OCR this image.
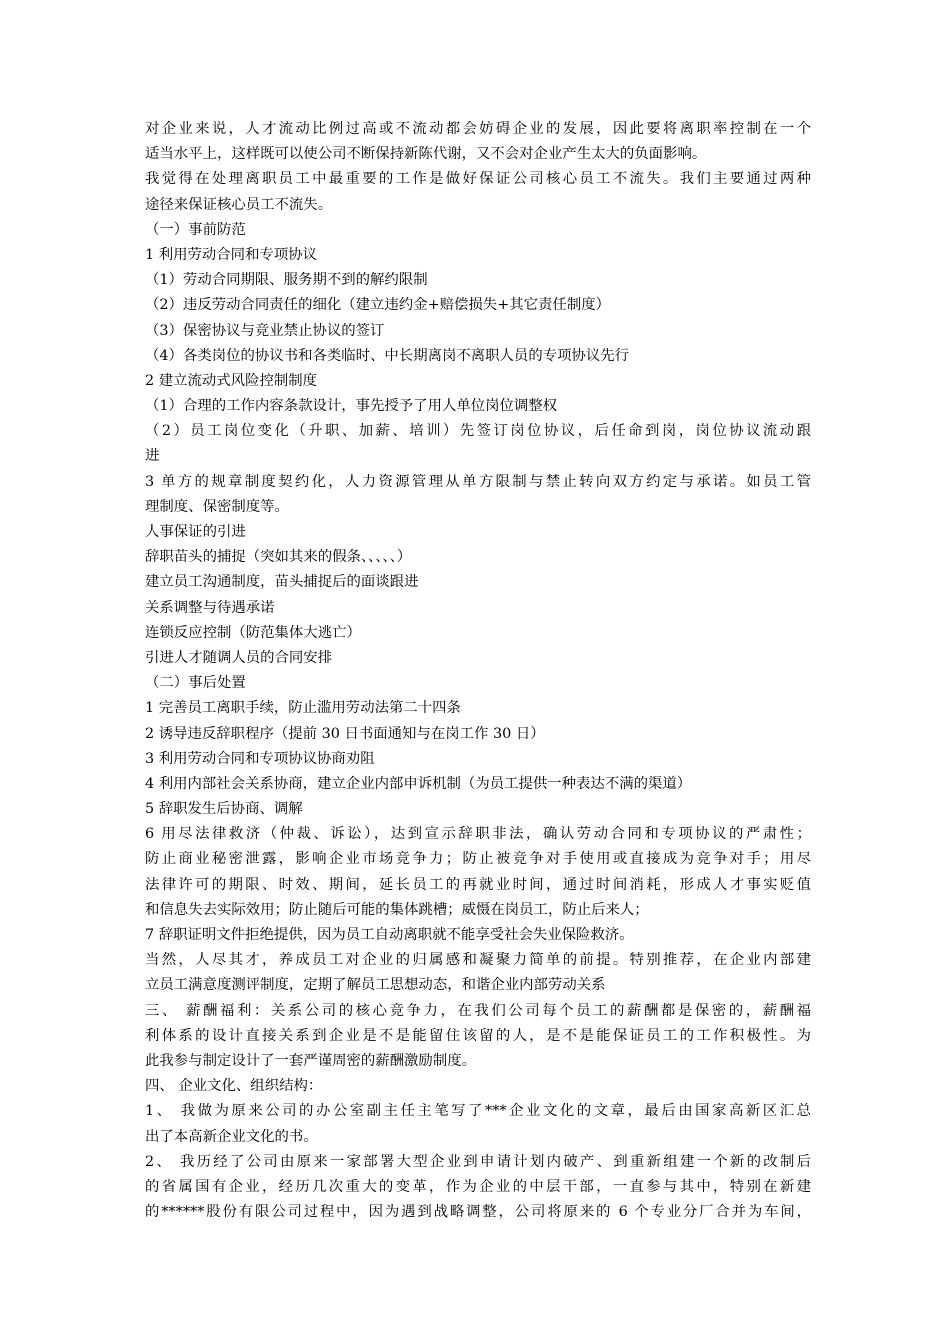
对企业来说，人才流动比例过高或不流动都会妨碍企业的发展，因此要将离职率控制在一个
适当水平上，这样既可以使公司不断保持新陈代谢，又不会对企业产生太大的负面影响。
我觉得在处理离职员工中最重要的工作是做好保证公司核心员工不流失。我们主要通过两种
途径来保证核心员工不流失。
（一）事前防范
1 利用劳动合同和专项协议
（1）劳动合同期限、服务期不到的解约限制
（2）违反劳动合同责任的细化（建立违约金+赔偿损失+其它责任制度）
（3）保密协议与竞业禁止协议的签订
（4）各类岗位的协议书和各类临时、中长期离岗不离职人员的专项协议先行
2 建立流动式风险控制制度
（1）合理的工作内容条款设计，事先授予了用人单位岗位调整权
（2）员工岗位变化（升职、加薪、培训）先签订岗位协议，后任命到岗，岗位协议流动跟
进
3 单方的规章制度契约化，人力资源管理从单方限制与禁止转向双方约定与承诺。如员工管
理制度、保密制度等。
人事保证的引进
辞职苗头的捕捉（突如其来的假条、、、、、）
建立员工沟通制度，苗头捕捉后的面谈跟进
关系调整与待遇承诺
连锁反应控制（防范集体大逃亡）
引进人才随调人员的合同安排
（二）事后处置
1 完善员工离职手续，防止滥用劳动法第二十四条
2 诱导违反辞职程序（提前 30 日书面通知与在岗工作 30 日）
3 利用劳动合同和专项协议协商劝阻
4 利用内部社会关系协商，建立企业内部申诉机制（为员工提供一种表达不满的渠道）
5 辞职发生后协商、调解
6 用尽法律救济（仲裁、诉讼），达到宣示辞职非法，确认劳动合同和专项协议的严肃性；
防止商业秘密泄露，影响企业市场竞争力；防止被竞争对手使用或直接成为竞争对手；用尽
法律许可的期限、时效、期间，延长员工的再就业时间，通过时间消耗，形成人才事实贬值
和信息失去实际效用；防止随后可能的集体跳槽；威慑在岗员工，防止后来人；
7 辞职证明文件拒绝提供，因为员工自动离职就不能享受社会失业保险救济。
当然，人尽其才，养成员工对企业的归属感和凝聚力简单的前提。特别推荐，在企业内部建
立员工满意度测评制度，定期了解员工思想动态，和谐企业内部劳动关系
三、 薪酬福利：关系公司的核心竞争力，在我们公司每个员工的薪酬都是保密的，薪酬福
利体系的设计直接关系到企业是不是能留住该留的人，是不是能保证员工的工作积极性。为
此我参与制定设计了一套严谨周密的薪酬激励制度。
四、 企业文化、组织结构：
1、 我做为原来公司的办公室副主任主笔写了***企业文化的文章，最后由国家高新区汇总
出了本高新企业文化的书。
2、 我历经了公司由原来一家部署大型企业到申请计划内破产、到重新组建一个新的改制后
的省属国有企业，经历几次重大的变革，作为企业的中层干部，一直参与其中，特别在新建
的******股份有限公司过程中，因为遇到战略调整，公司将原来的 6 个专业分厂合并为车间，
